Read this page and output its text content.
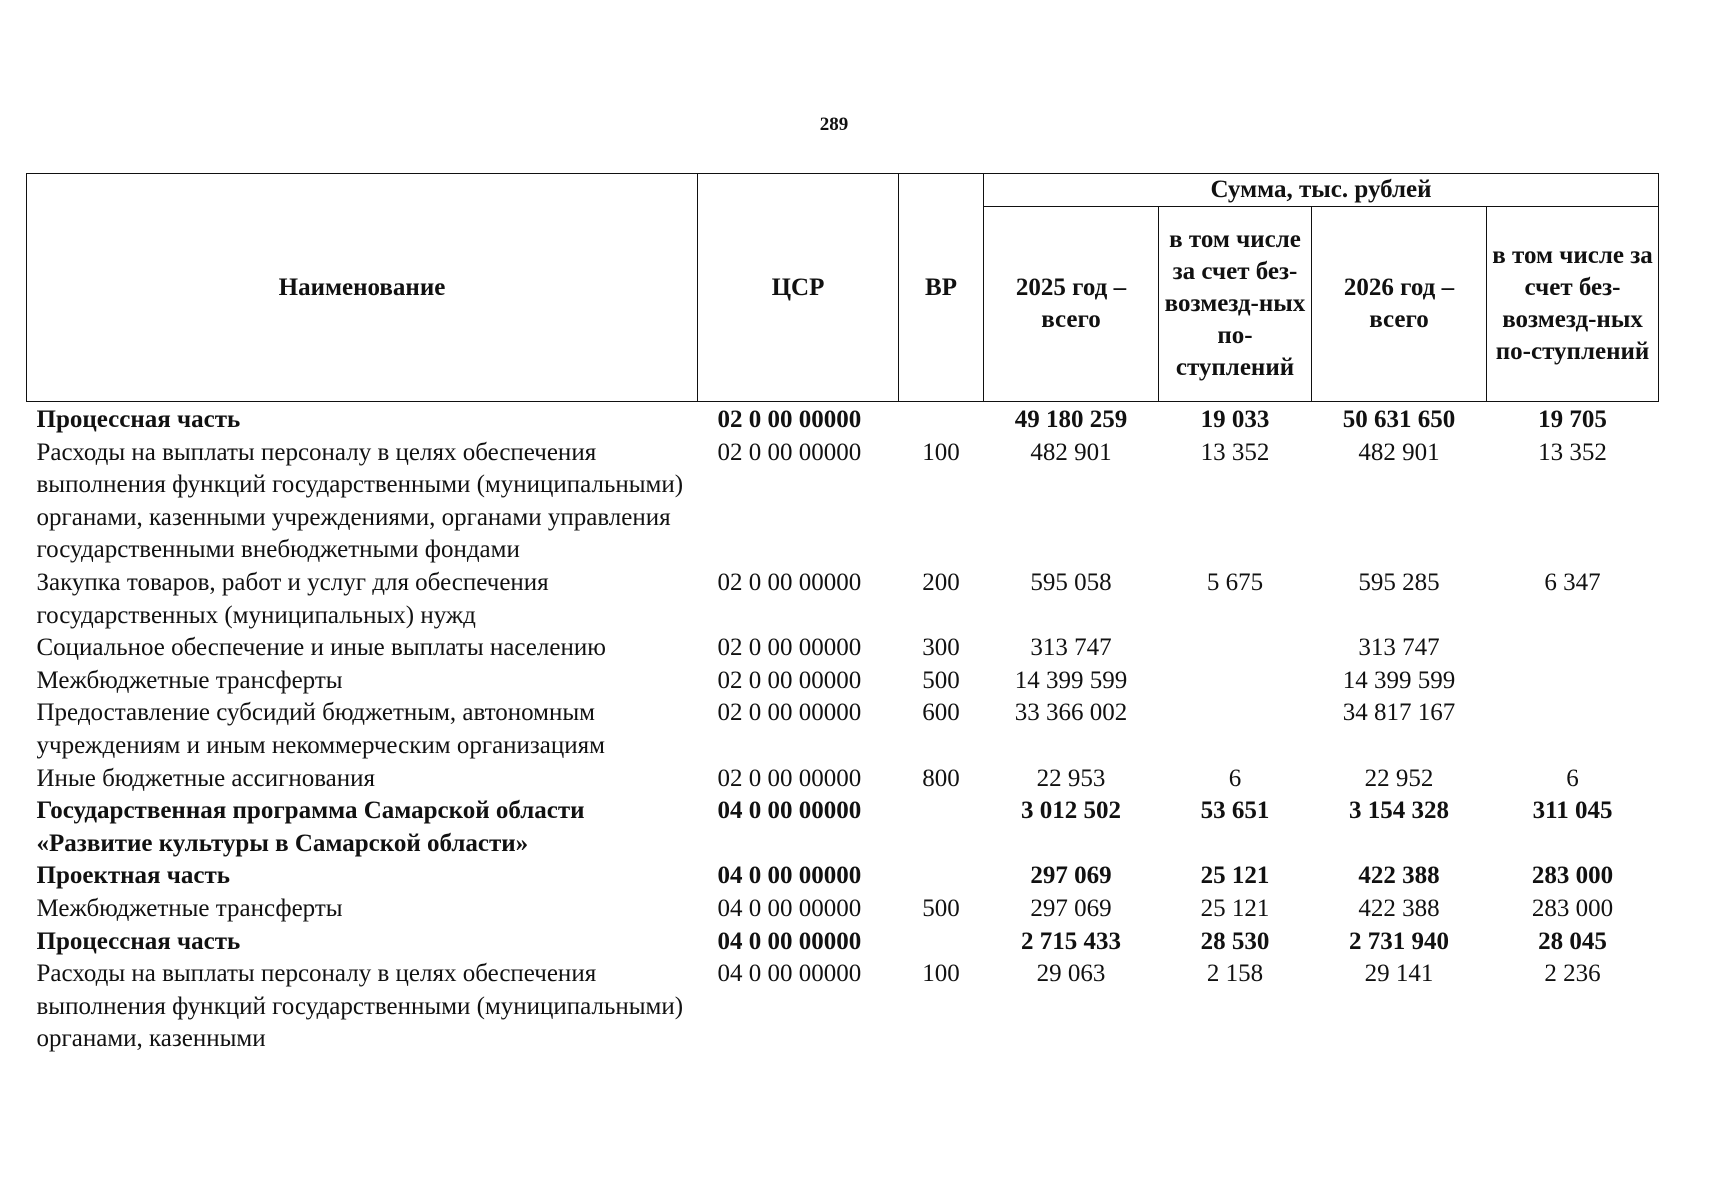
289
Наименование	ЦСР	ВР	Сумма, тыс. рублей			
			2025 год – всего	в том числе за счет без-возмезд-ных по-ступлений	2026 год – всего	в том числе за счет без-возмезд-ных по-ступлений
Процессная часть	02 0 00 00000		49 180 259	19 033	50 631 650	19 705
Расходы на выплаты персоналу в целях обеспечения выполнения функций государственными (муниципальными) органами, казенными учреждениями, органами управления государственными внебюджетными фондами	02 0 00 00000	100	482 901	13 352	482 901	13 352
Закупка товаров, работ и услуг для обеспечения государственных (муниципальных) нужд	02 0 00 00000	200	595 058	5 675	595 285	6 347
Социальное обеспечение и иные выплаты населению	02 0 00 00000	300	313 747		313 747	
Межбюджетные трансферты	02 0 00 00000	500	14 399 599		14 399 599	
Предоставление субсидий бюджетным, автономным учреждениям и иным некоммерческим организациям	02 0 00 00000	600	33 366 002		34 817 167	
Иные бюджетные ассигнования	02 0 00 00000	800	22 953	6	22 952	6
Государственная программа Самарской области «Развитие культуры в Самарской области»	04 0 00 00000		3 012 502	53 651	3 154 328	311 045
Проектная часть	04 0 00 00000		297 069	25 121	422 388	283 000
Межбюджетные трансферты	04 0 00 00000	500	297 069	25 121	422 388	283 000
Процессная часть	04 0 00 00000		2 715 433	28 530	2 731 940	28 045
Расходы на выплаты персоналу в целях обеспечения выполнения функций государственными (муниципальными) органами, казенными	04 0 00 00000	100	29 063	2 158	29 141	2 236
